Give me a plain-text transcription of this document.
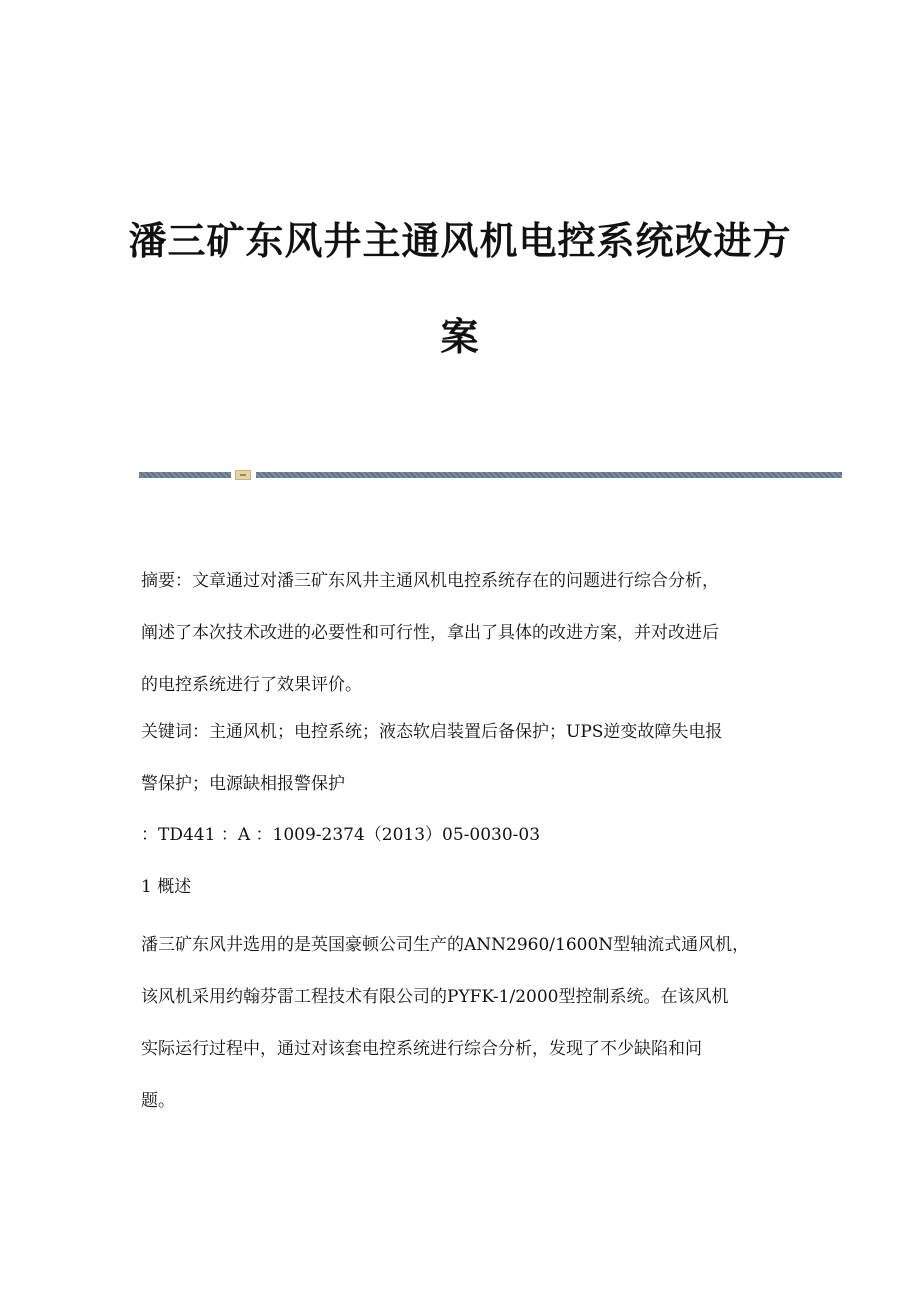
潘三矿东风井主通风机电控系统改进方
案
摘要：文章通过对潘三矿东风井主通风机电控系统存在的问题进行综合分析，
阐述了本次技术改进的必要性和可行性，拿出了具体的改进方案，并对改进后
的电控系统进行了效果评价。
关键词：主通风机；电控系统；液态软启装置后备保护；UPS逆变故障失电报
警保护；电源缺相报警保护
：TD441 ：A ：1009-2374（2013）05-0030-03
1 概述
潘三矿东风井选用的是英国豪顿公司生产的ANN2960/1600N型轴流式通风机，
该风机采用约翰芬雷工程技术有限公司的PYFK-1/2000型控制系统。在该风机
实际运行过程中，通过对该套电控系统进行综合分析，发现了不少缺陷和问
题。
